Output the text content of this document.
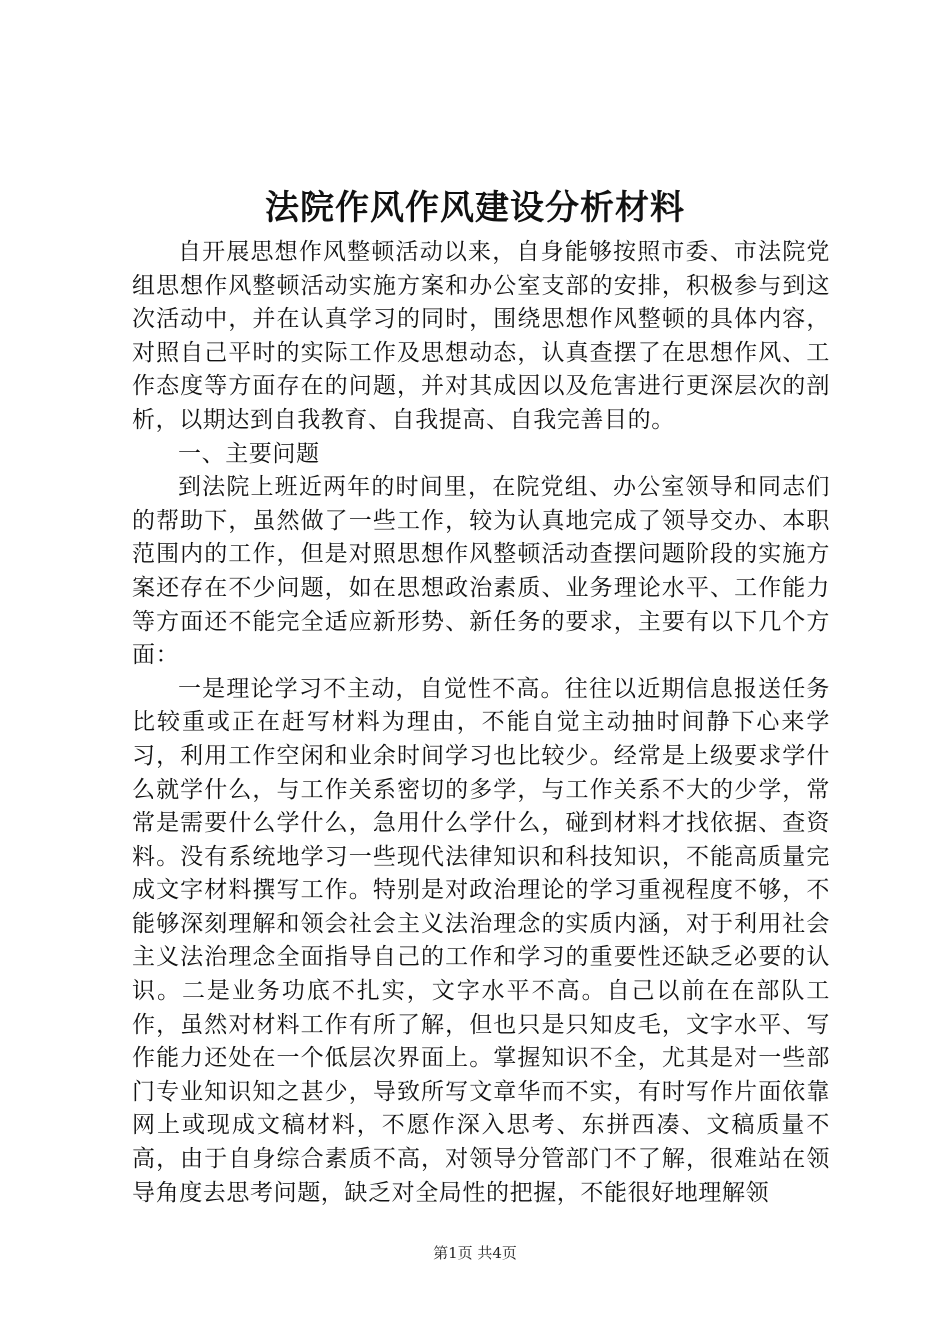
法院作风作风建设分析材料

自开展思想作风整顿活动以来，自身能够按照市委、市法院党组思想作风整顿活动实施方案和办公室支部的安排，积极参与到这次活动中，并在认真学习的同时，围绕思想作风整顿的具体内容，对照自己平时的实际工作及思想动态，认真查摆了在思想作风、工作态度等方面存在的问题，并对其成因以及危害进行更深层次的剖析，以期达到自我教育、自我提高、自我完善目的。

一、主要问题

到法院上班近两年的时间里，在院党组、办公室领导和同志们的帮助下，虽然做了一些工作，较为认真地完成了领导交办、本职范围内的工作，但是对照思想作风整顿活动查摆问题阶段的实施方案还存在不少问题，如在思想政治素质、业务理论水平、工作能力等方面还不能完全适应新形势、新任务的要求，主要有以下几个方面：

一是理论学习不主动，自觉性不高。往往以近期信息报送任务比较重或正在赶写材料为理由，不能自觉主动抽时间静下心来学习，利用工作空闲和业余时间学习也比较少。经常是上级要求学什么就学什么，与工作关系密切的多学，与工作关系不大的少学，常常是需要什么学什么，急用什么学什么，碰到材料才找依据、查资料。没有系统地学习一些现代法律知识和科技知识，不能高质量完成文字材料撰写工作。特别是对政治理论的学习重视程度不够，不能够深刻理解和领会社会主义法治理念的实质内涵，对于利用社会主义法治理念全面指导自己的工作和学习的重要性还缺乏必要的认识。二是业务功底不扎实，文字水平不高。自己以前在在部队工作，虽然对材料工作有所了解，但也只是只知皮毛，文字水平、写作能力还处在一个低层次界面上。掌握知识不全，尤其是对一些部门专业知识知之甚少，导致所写文章华而不实，有时写作片面依靠网上或现成文稿材料，不愿作深入思考、东拼西凑、文稿质量不高，由于自身综合素质不高，对领导分管部门不了解，很难站在领导角度去思考问题，缺乏对全局性的把握，不能很好地理解领

第1页 共4页
